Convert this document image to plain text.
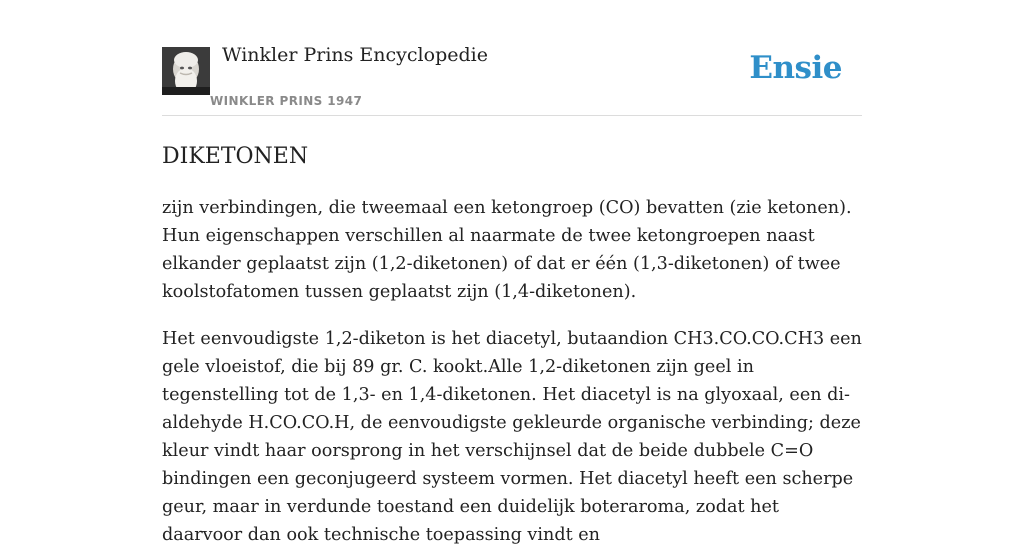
Winkler Prins Encyclopedie
WINKLER PRINS 1947
Ensie
DIKETONEN

zijn verbindingen, die tweemaal een ketongroep (CO) bevatten (zie ketonen). Hun eigenschappen verschillen al naarmate de twee ketongroepen naast elkander geplaatst zijn (1,2-diketonen) of dat er één (1,3-diketonen) of twee koolstofatomen tussen geplaatst zijn (1,4-diketonen).

Het eenvoudigste 1,2-diketon is het diacetyl, butaandion CH3.CO.CO.CH3 een gele vloeistof, die bij 89 gr. C. kookt.Alle 1,2-diketonen zijn geel in tegenstelling tot de 1,3- en 1,4-diketonen. Het diacetyl is na glyoxaal, een di-aldehyde H.CO.CO.H, de eenvoudigste gekleurde organische verbinding; deze kleur vindt haar oorsprong in het verschijnsel dat de beide dubbele C=O bindingen een geconjugeerd systeem vormen. Het diacetyl heeft een scherpe geur, maar in verdunde toestand een duidelijk boteraroma, zodat het daarvoor dan ook technische toepassing vindt en
